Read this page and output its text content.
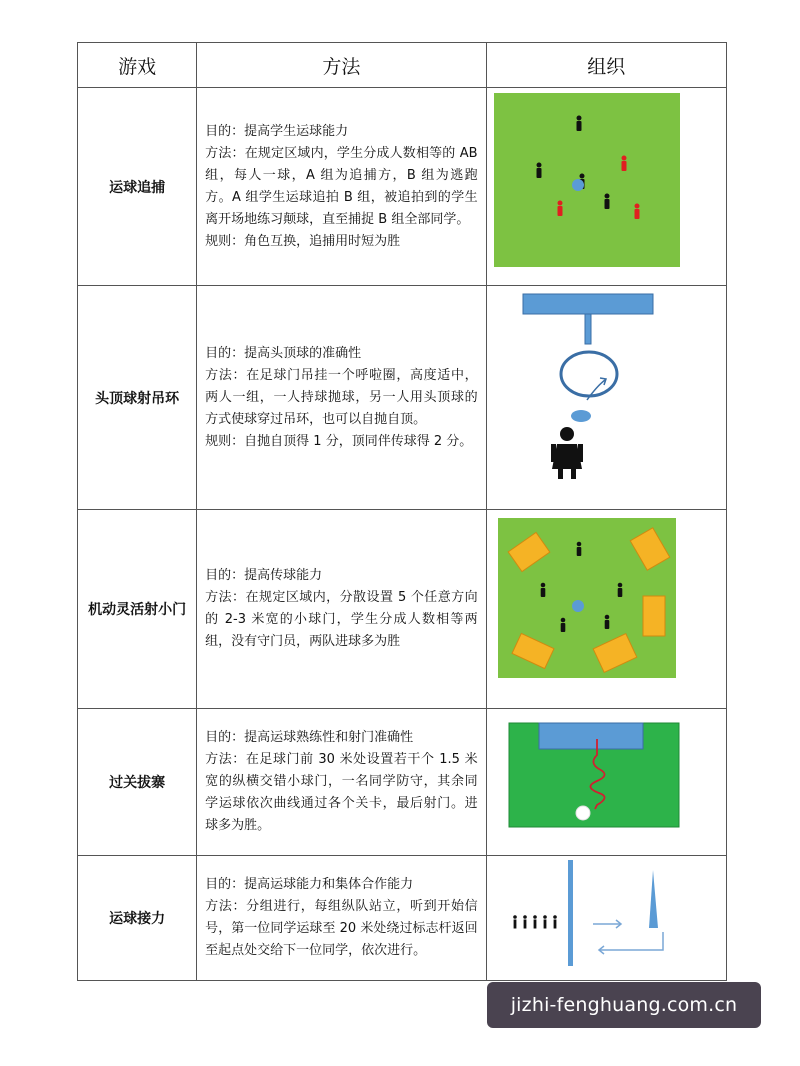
游戏	方法	组织
运球追捕	目的：提高学生运球能力
方法：在规定区域内，学生分成人数相等的 AB 组，每人一球，A 组为追捕方，B 组为逃跑方。A 组学生运球追拍 B 组，被追拍到的学生离开场地练习颠球，直至捕捉 B 组全部同学。
规则：角色互换，追捕用时短为胜

头顶球射吊环	目的：提高头顶球的准确性
方法：在足球门吊挂一个呼啦圈，高度适中，两人一组，一人持球抛球，另一人用头顶球的方式使球穿过吊环，也可以自抛自顶。
规则：自抛自顶得 1 分，顶同伴传球得 2 分。

机动灵活射小门	目的：提高传球能力
方法：在规定区域内，分散设置 5 个任意方向的 2-3 米宽的小球门，学生分成人数相等两组，没有守门员，两队进球多为胜

过关拔寨	目的：提高运球熟练性和射门准确性
方法：在足球门前 30 米处设置若干个 1.5 米宽的纵横交错小球门，一名同学防守，其余同学运球依次曲线通过各个关卡，最后射门。进球多为胜。

运球接力	目的：提高运球能力和集体合作能力
方法：分组进行，每组纵队站立，听到开始信号，第一位同学运球至 20 米处绕过标志杆返回至起点处交给下一位同学，依次进行。

jizhi-fenghuang.com.cn
